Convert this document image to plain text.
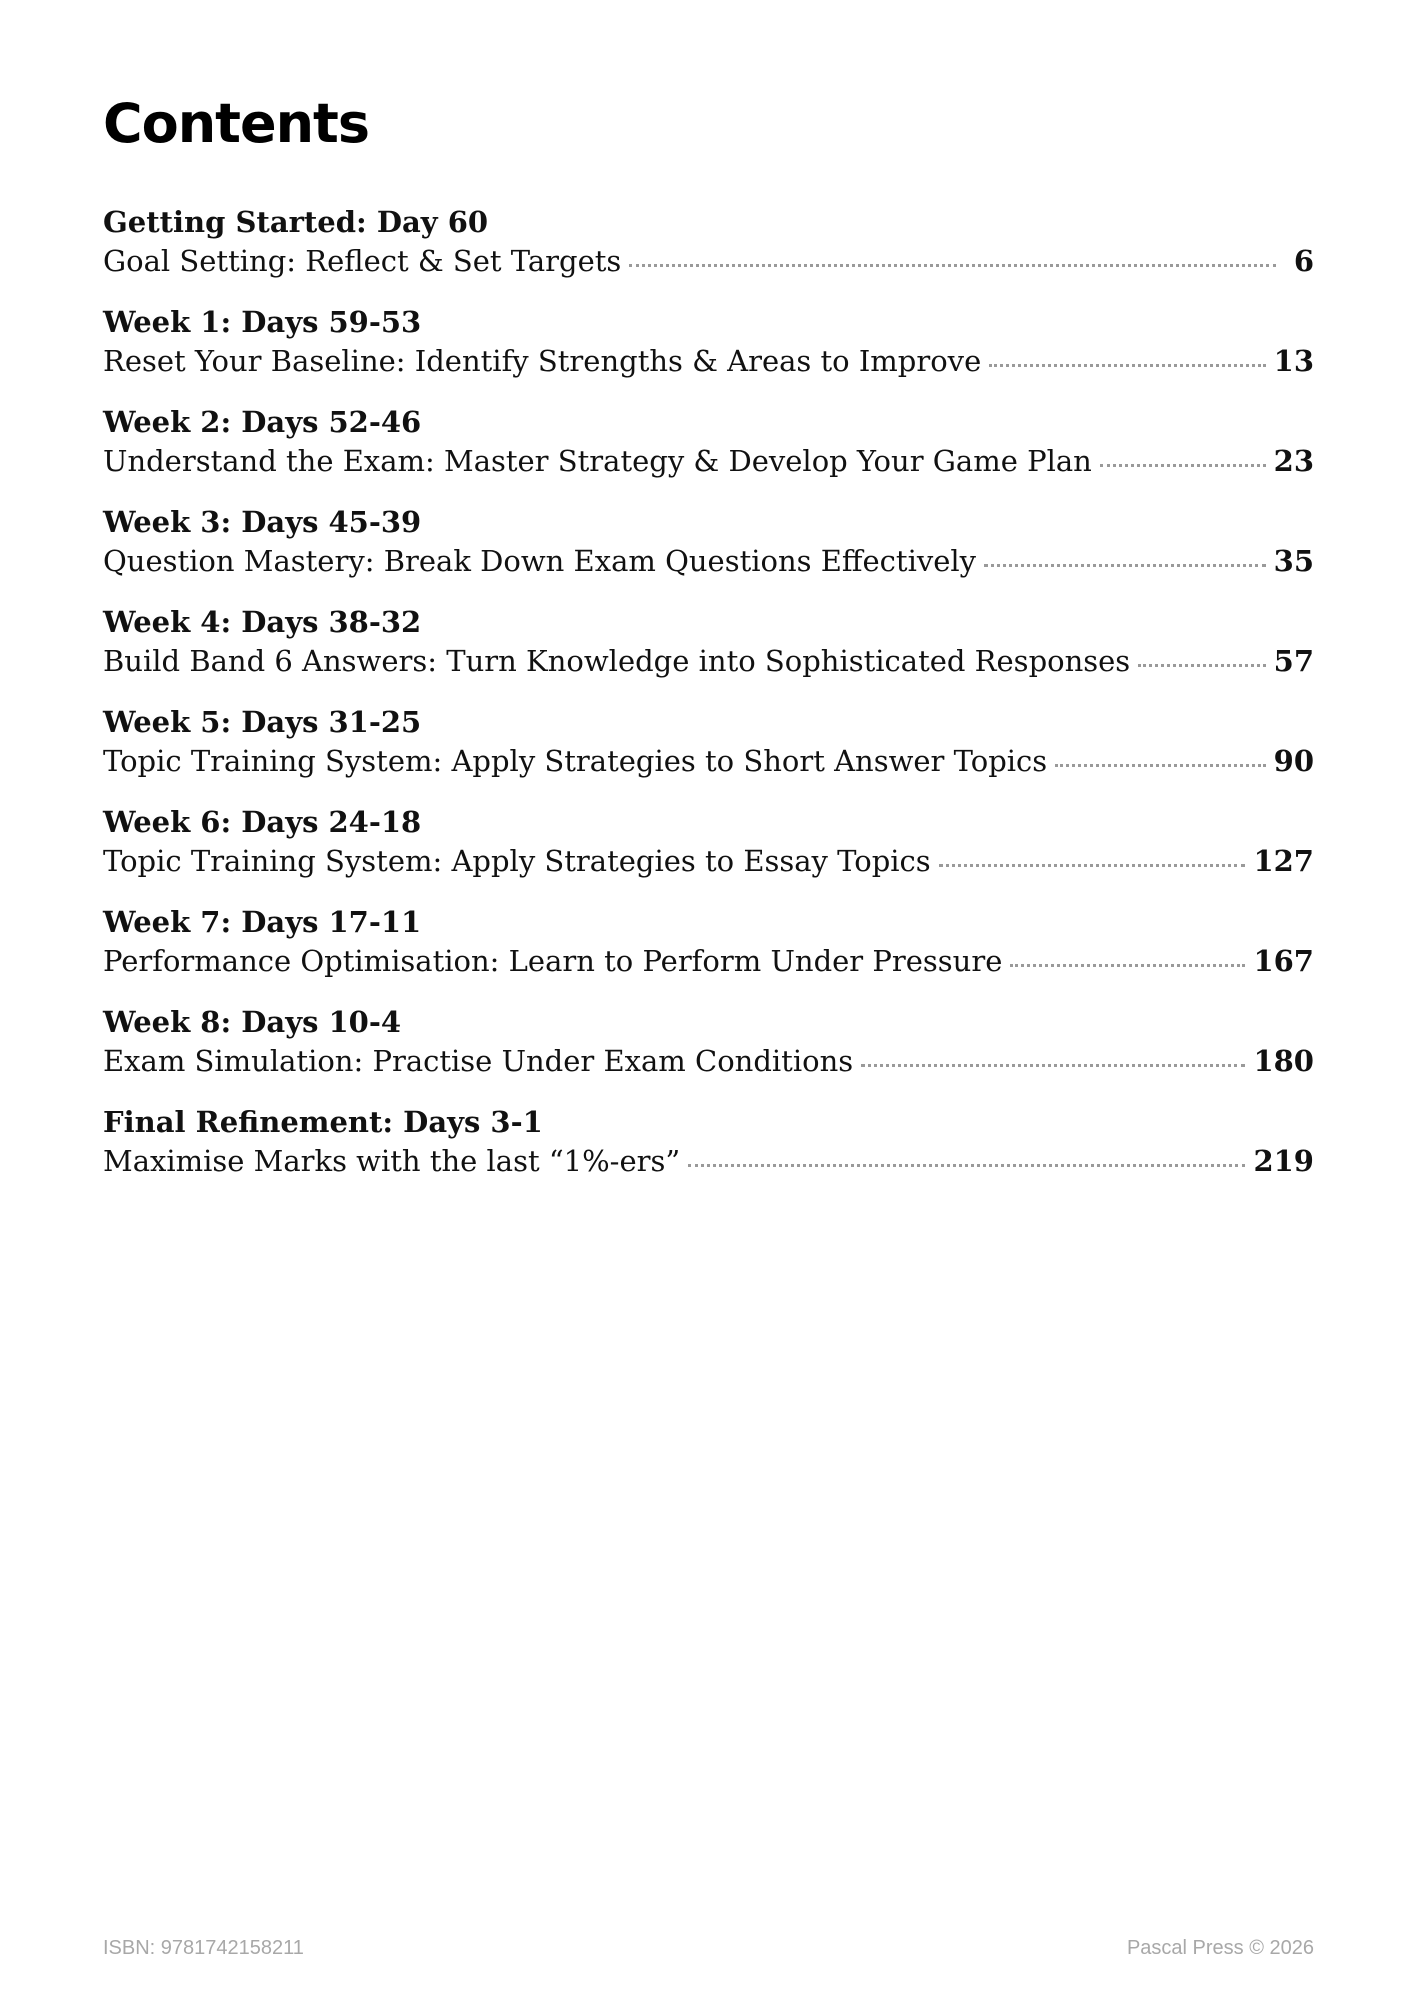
Contents
Getting Started: Day 60
Goal Setting: Reflect & Set Targets	6
Week 1: Days 59-53
Reset Your Baseline: Identify Strengths & Areas to Improve	13
Week 2: Days 52-46
Understand the Exam: Master Strategy & Develop Your Game Plan	23
Week 3: Days 45-39
Question Mastery: Break Down Exam Questions Effectively	35
Week 4: Days 38-32
Build Band 6 Answers: Turn Knowledge into Sophisticated Responses	57
Week 5: Days 31-25
Topic Training System: Apply Strategies to Short Answer Topics	90
Week 6: Days 24-18
Topic Training System: Apply Strategies to Essay Topics	127
Week 7: Days 17-11
Performance Optimisation: Learn to Perform Under Pressure	167
Week 8: Days 10-4
Exam Simulation: Practise Under Exam Conditions	180
Final Refinement: Days 3-1
Maximise Marks with the last “1%-ers”	219
ISBN: 9781742158211	Pascal Press © 2026
